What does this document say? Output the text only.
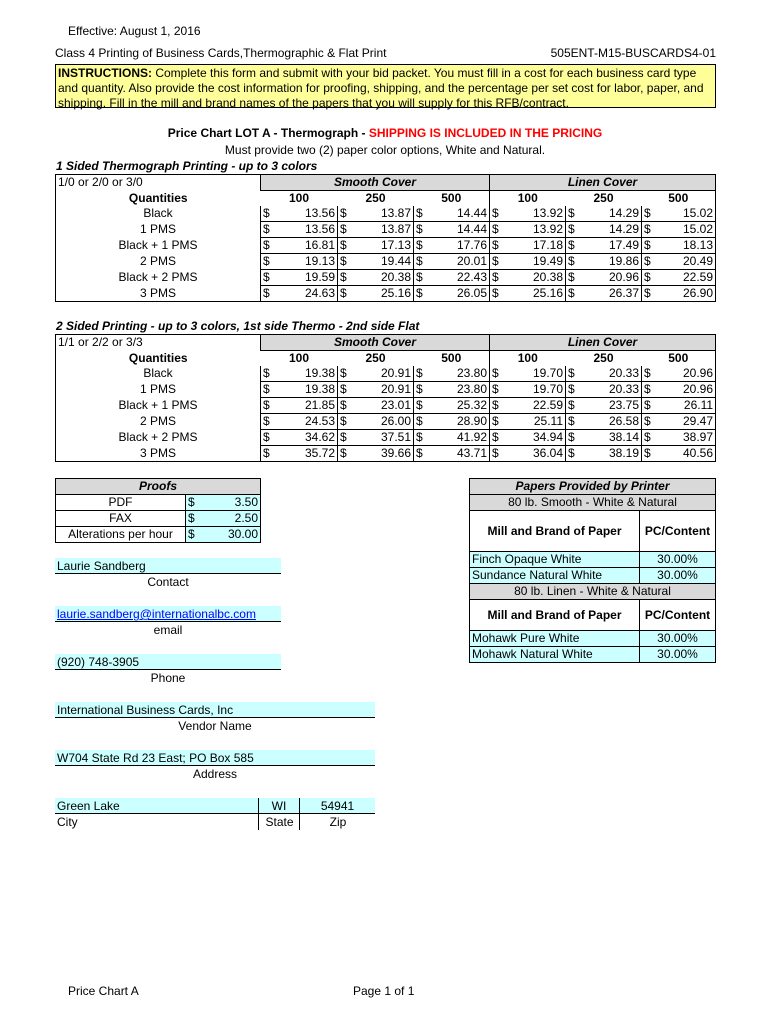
Effective: August 1, 2016
Class 4 Printing of Business Cards,Thermographic & Flat Print	505ENT-M15-BUSCARDS4-01
INSTRUCTIONS: Complete this form and submit with your bid packet. You must fill in a cost for each business card type and quantity. Also provide the cost information for proofing, shipping, and the percentage per set cost for labor, paper, and shipping. Fill in the mill and brand names of the papers that you will supply for this RFB/contract.
Price Chart LOT A - Thermograph - SHIPPING IS INCLUDED IN THE PRICING
Must provide two (2) paper color options, White and Natural.
1 Sided Thermograph Printing - up to 3 colors
1/0 or 2/0 or 3/0	Smooth Cover						Linen Cover					
Quantities	100		250		500		100		250		500	
Black	$	13.56	$	13.87	$	14.44	$	13.92	$	14.29	$	15.02
1 PMS	$	13.56	$	13.87	$	14.44	$	13.92	$	14.29	$	15.02
Black + 1 PMS	$	16.81	$	17.13	$	17.76	$	17.18	$	17.49	$	18.13
2 PMS	$	19.13	$	19.44	$	20.01	$	19.49	$	19.86	$	20.49
Black + 2 PMS	$	19.59	$	20.38	$	22.43	$	20.38	$	20.96	$	22.59
3 PMS	$	24.63	$	25.16	$	26.05	$	25.16	$	26.37	$	26.90
2 Sided Printing - up to 3 colors, 1st side Thermo - 2nd side Flat
1/1 or 2/2 or 3/3	Smooth Cover						Linen Cover					
Quantities	100		250		500		100		250		500	
Black	$	19.38	$	20.91	$	23.80	$	19.70	$	20.33	$	20.96
1 PMS	$	19.38	$	20.91	$	23.80	$	19.70	$	20.33	$	20.96
Black + 1 PMS	$	21.85	$	23.01	$	25.32	$	22.59	$	23.75	$	26.11
2 PMS	$	24.53	$	26.00	$	28.90	$	25.11	$	26.58	$	29.47
Black + 2 PMS	$	34.62	$	37.51	$	41.92	$	34.94	$	38.14	$	38.97
3 PMS	$	35.72	$	39.66	$	43.71	$	36.04	$	38.19	$	40.56
Proofs		
PDF	$	3.50
FAX	$	2.50
Alterations per hour	$	30.00
Papers Provided by Printer	
80 lb. Smooth - White & Natural	
Mill and Brand of Paper	PC/Content
Finch Opaque White	30.00%
Sundance Natural White	30.00%
80 lb. Linen - White & Natural	
Mill and Brand of Paper	PC/Content
Mohawk Pure White	30.00%
Mohawk Natural White	30.00%
Laurie Sandberg
Contact
laurie.sandberg@internationalbc.com
email
(920) 748-3905
Phone
International Business Cards, Inc
Vendor Name
W704 State Rd 23 East; PO Box 585
Address
Green Lake	WI	54941
City	State	Zip
Price Chart A	Page 1 of 1
